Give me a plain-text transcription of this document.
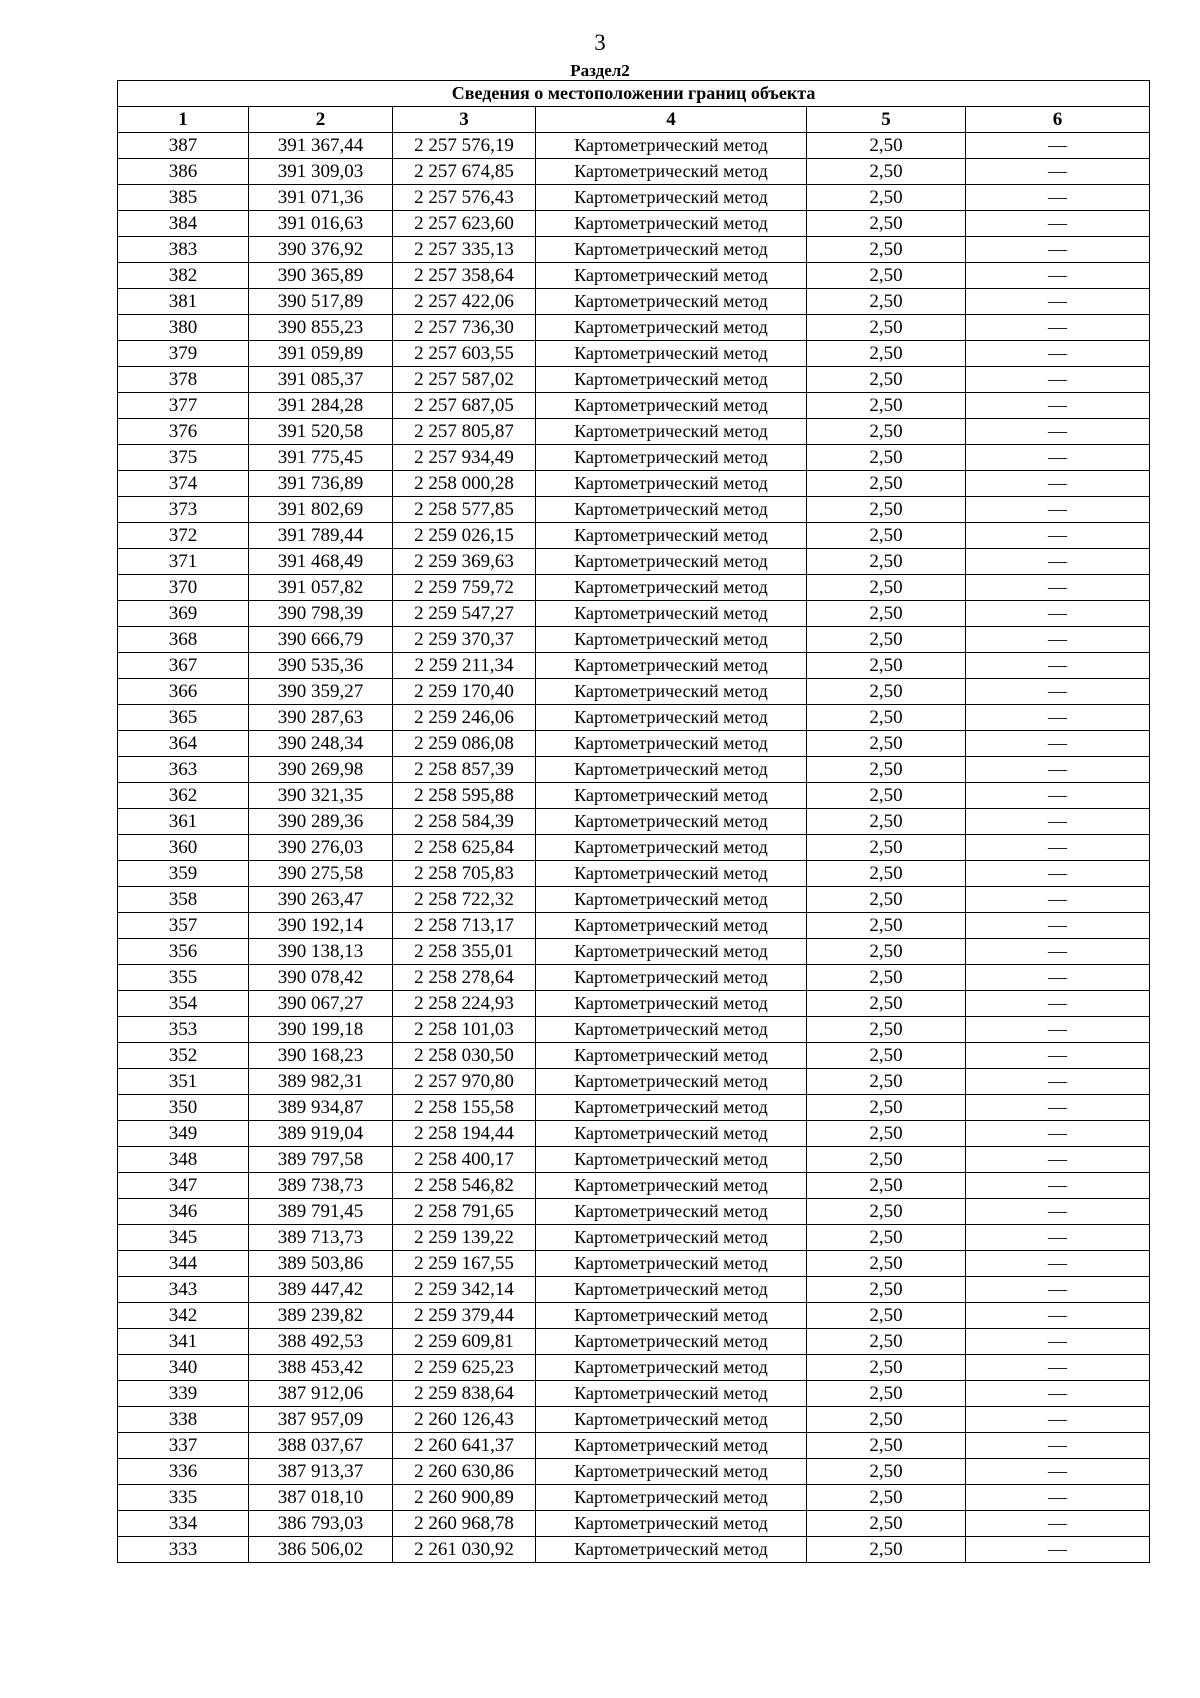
3
Раздел2
Сведения о местоположении границ объекта					
1	2	3	4	5	6
387	391 367,44	2 257 576,19	Картометрический метод	2,50	—
386	391 309,03	2 257 674,85	Картометрический метод	2,50	—
385	391 071,36	2 257 576,43	Картометрический метод	2,50	—
384	391 016,63	2 257 623,60	Картометрический метод	2,50	—
383	390 376,92	2 257 335,13	Картометрический метод	2,50	—
382	390 365,89	2 257 358,64	Картометрический метод	2,50	—
381	390 517,89	2 257 422,06	Картометрический метод	2,50	—
380	390 855,23	2 257 736,30	Картометрический метод	2,50	—
379	391 059,89	2 257 603,55	Картометрический метод	2,50	—
378	391 085,37	2 257 587,02	Картометрический метод	2,50	—
377	391 284,28	2 257 687,05	Картометрический метод	2,50	—
376	391 520,58	2 257 805,87	Картометрический метод	2,50	—
375	391 775,45	2 257 934,49	Картометрический метод	2,50	—
374	391 736,89	2 258 000,28	Картометрический метод	2,50	—
373	391 802,69	2 258 577,85	Картометрический метод	2,50	—
372	391 789,44	2 259 026,15	Картометрический метод	2,50	—
371	391 468,49	2 259 369,63	Картометрический метод	2,50	—
370	391 057,82	2 259 759,72	Картометрический метод	2,50	—
369	390 798,39	2 259 547,27	Картометрический метод	2,50	—
368	390 666,79	2 259 370,37	Картометрический метод	2,50	—
367	390 535,36	2 259 211,34	Картометрический метод	2,50	—
366	390 359,27	2 259 170,40	Картометрический метод	2,50	—
365	390 287,63	2 259 246,06	Картометрический метод	2,50	—
364	390 248,34	2 259 086,08	Картометрический метод	2,50	—
363	390 269,98	2 258 857,39	Картометрический метод	2,50	—
362	390 321,35	2 258 595,88	Картометрический метод	2,50	—
361	390 289,36	2 258 584,39	Картометрический метод	2,50	—
360	390 276,03	2 258 625,84	Картометрический метод	2,50	—
359	390 275,58	2 258 705,83	Картометрический метод	2,50	—
358	390 263,47	2 258 722,32	Картометрический метод	2,50	—
357	390 192,14	2 258 713,17	Картометрический метод	2,50	—
356	390 138,13	2 258 355,01	Картометрический метод	2,50	—
355	390 078,42	2 258 278,64	Картометрический метод	2,50	—
354	390 067,27	2 258 224,93	Картометрический метод	2,50	—
353	390 199,18	2 258 101,03	Картометрический метод	2,50	—
352	390 168,23	2 258 030,50	Картометрический метод	2,50	—
351	389 982,31	2 257 970,80	Картометрический метод	2,50	—
350	389 934,87	2 258 155,58	Картометрический метод	2,50	—
349	389 919,04	2 258 194,44	Картометрический метод	2,50	—
348	389 797,58	2 258 400,17	Картометрический метод	2,50	—
347	389 738,73	2 258 546,82	Картометрический метод	2,50	—
346	389 791,45	2 258 791,65	Картометрический метод	2,50	—
345	389 713,73	2 259 139,22	Картометрический метод	2,50	—
344	389 503,86	2 259 167,55	Картометрический метод	2,50	—
343	389 447,42	2 259 342,14	Картометрический метод	2,50	—
342	389 239,82	2 259 379,44	Картометрический метод	2,50	—
341	388 492,53	2 259 609,81	Картометрический метод	2,50	—
340	388 453,42	2 259 625,23	Картометрический метод	2,50	—
339	387 912,06	2 259 838,64	Картометрический метод	2,50	—
338	387 957,09	2 260 126,43	Картометрический метод	2,50	—
337	388 037,67	2 260 641,37	Картометрический метод	2,50	—
336	387 913,37	2 260 630,86	Картометрический метод	2,50	—
335	387 018,10	2 260 900,89	Картометрический метод	2,50	—
334	386 793,03	2 260 968,78	Картометрический метод	2,50	—
333	386 506,02	2 261 030,92	Картометрический метод	2,50	—
